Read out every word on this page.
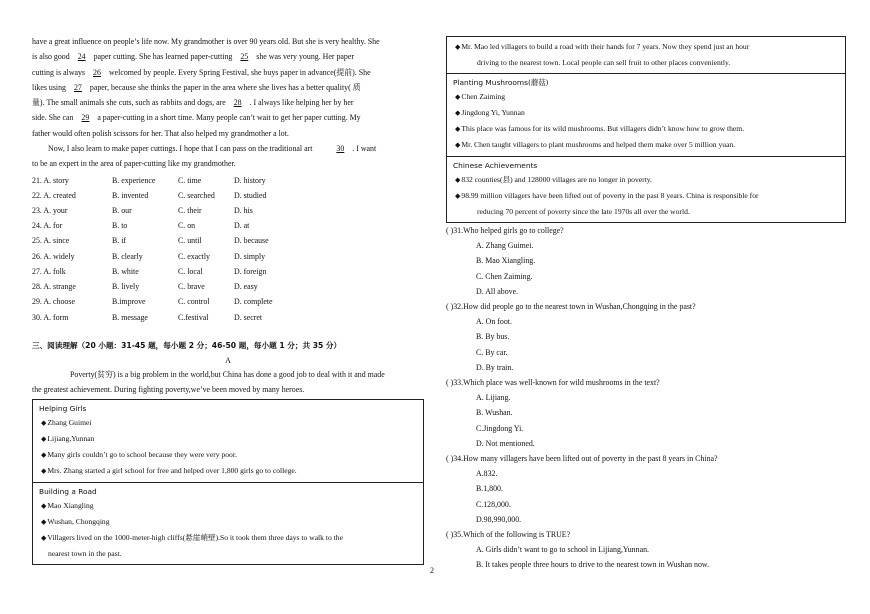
have a great influence on people’s life now. My grandmother is over 90 years old. But she is very healthy. She

is also good 24 paper cutting. She has learned paper-cutting 25 she was very young. Her paper

cutting is always 26 welcomed by people. Every Spring Festival, she buys paper in advance(提前). She

likes using 27 paper, because she thinks the paper in the area where she lives has a better quality( 质

量). The small animals she cuts, such as rabbits and dogs, are 28 . I always like helping her by her

side. She can 29 a paper-cutting in a short time. Many people can’t wait to get her paper cutting. My

father would often polish scissors for her. That also helped my grandmother a lot.

Now, I also learn to make paper cuttings. I hope that I can pass on the traditional art	30 . I want

to be an expert in the area of paper-cutting like my grandmother.

21. A. story	B. experience	C. time	D. history
22. A. created	B. invented	C. searched	D. studied
23. A. your	B. our	C. their	D. his
24. A. for	B. to	C. on	D. at
25. A. since	B. if	C. until	D. because
26. A. widely	B. clearly	C. exactly	D. simply
27. A. folk	B. white	C. local	D. foreign
28. A. strange	B. lively	C. brave	D. easy
29. A. choose	B.improve	C. control	D. complete
30. A. form	B. message	C.festival	D. secret
三、阅读理解（20 小题：31-45 题，每小题 2 分；46-50 题，每小题 1 分；共 35 分）
A

Poverty(贫穷) is a big problem in the world,but China has done a good job to deal with it and made

the greatest achievement. During fighting poverty,we’ve been moved by many heroes.

Helping Girls
◆Zhang Guimei
◆Lijiang,Yunnan
◆Many girls couldn’t go to school because they were very poor.
◆Mrs. Zhang started a girl school for free and helped over 1,800 girls go to college.
Building a Road
◆Mao Xiangling
◆Wushan, Chongqing
◆Villagers lived on the 1000-meter-high cliffs(悬崖峭壁).So it took them three days to walk to the
nearest town in the past.
◆Mr. Mao led villagers to build a road with their hands for 7 years. Now they spend just an hour
driving to the nearest town. Local people can sell fruit to other places conveniently.
Planting Mushrooms(蘑菇)
◆Chen Zaiming
◆Jingdong Yi, Yunnan
◆This place was famous for its wild mushrooms. But villagers didn’t know how to grow them.
◆Mr. Chen taught villagers to plant mushrooms and helped them make over 5 million yuan.
Chinese Achievements
◆832 counties(县) and 128000 villages are no longer in poverty.
◆98.99 million villagers have been lifted out of poverty in the past 8 years. China is responsible for
reducing 70 percent of poverty since the late 1970s all over the world.
( )31.Who helped girls go to college?
A. Zhang Guimei.
B. Mao Xiangling.
C. Chen Zaiming.
D. All above.
( )32.How did people go to the nearest town in Wushan,Chongqing in the past?
A. On foot.
B. By bus.
C. By car.
D. By train.
( )33.Which place was well-known for wild mushrooms in the text?
A. Lijiang.
B. Wushan.
C.Jingdong Yi.
D. Not mentioned.
( )34.How many villagers have been lifted out of poverty in the past 8 years in China?
A.832.
B.1,800.
C.128,000.
D.98,990,000.
( )35.Which of the following is TRUE?
A. Girls didn’t want to go to school in Lijiang,Yunnan.
B. It takes people three hours to drive to the nearest town in Wushan now.
2
